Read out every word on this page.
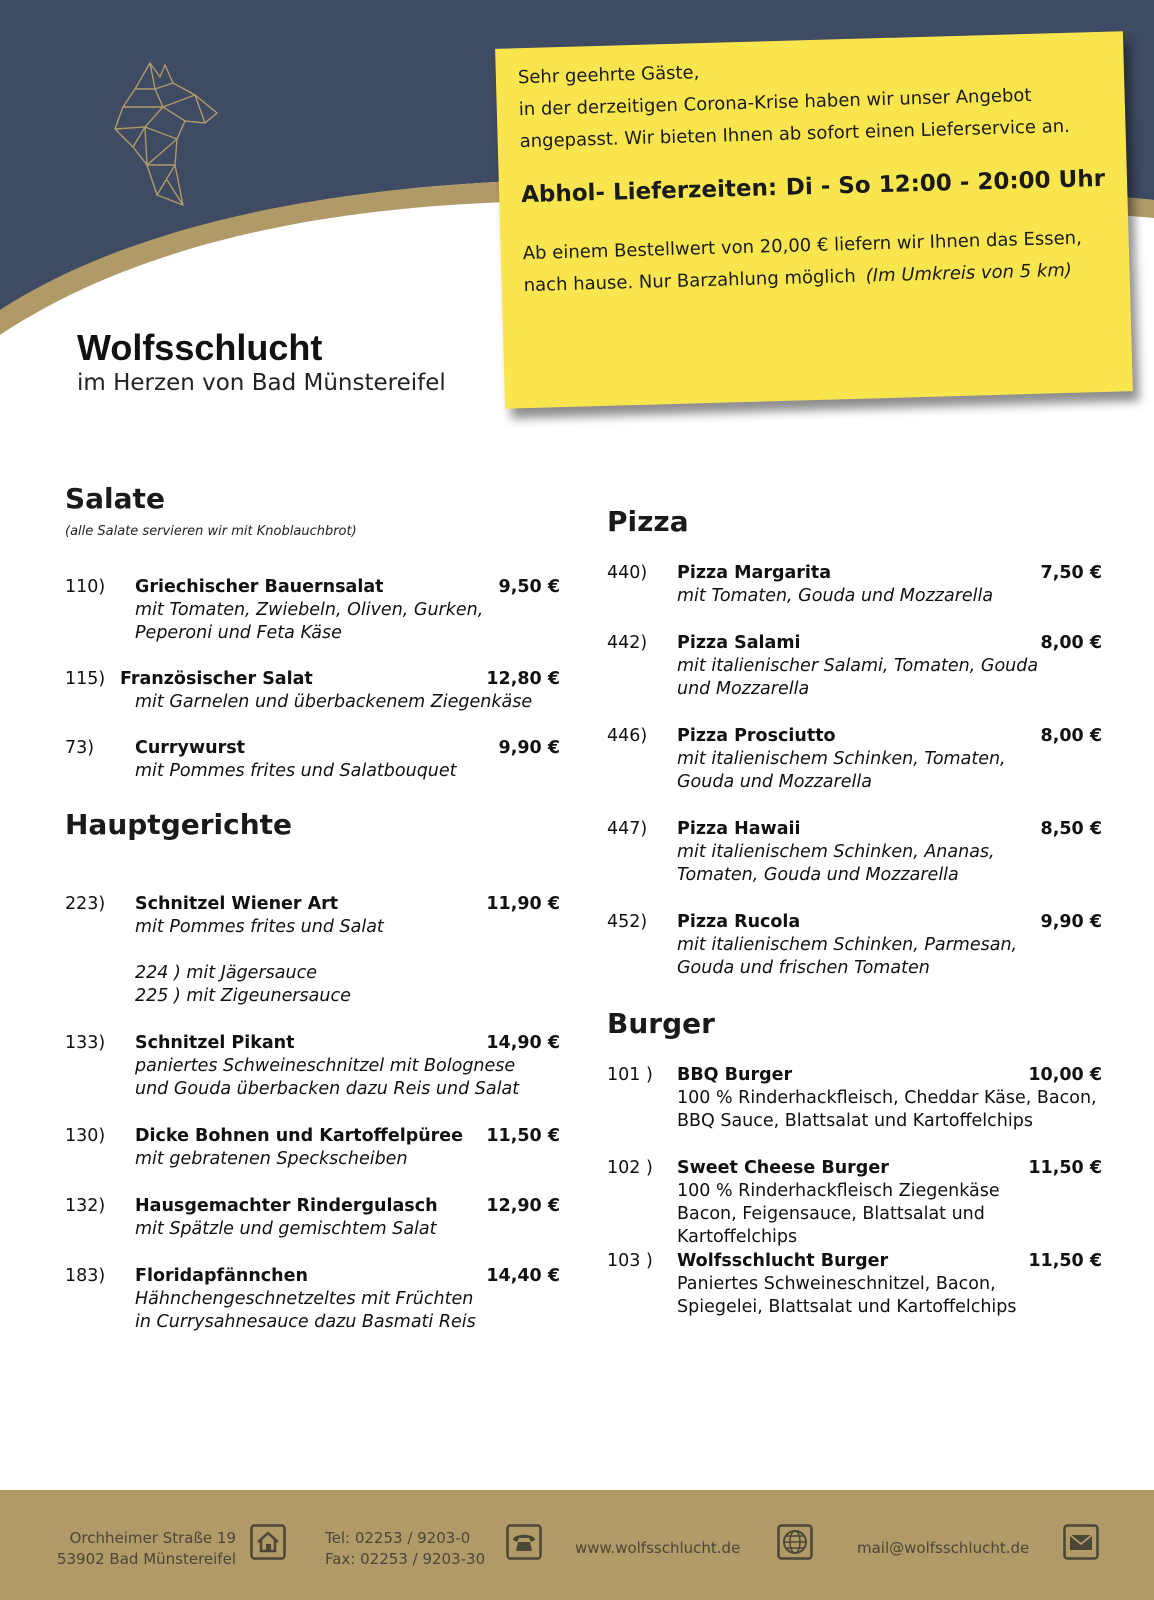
Wolfsschlucht
im Herzen von Bad Münstereifel

Sehr geehrte Gäste,

in der derzeitigen Corona-Krise haben wir unser Angebot

angepasst. Wir bieten Ihnen ab sofort einen Lieferservice an.

Abhol- Lieferzeiten: Di - So 12:00 - 20:00 Uhr

Ab einem Bestellwert von 20,00 € liefern wir Ihnen das Essen,

nach hause. Nur Barzahlung möglich (Im Umkreis von 5 km)

Salate
(alle Salate servieren wir mit Knoblauchbrot)
110) Griechischer Bauernsalat	9,50 €
mit Tomaten, Zwiebeln, Oliven, Gurken,
Peperoni und Feta Käse
115) Französischer Salat	12,80 €
mit Garnelen und überbackenem Ziegenkäse
73) Currywurst	9,90 €
mit Pommes frites und Salatbouquet
Hauptgerichte
223) Schnitzel Wiener Art	11,90 €
mit Pommes frites und Salat

224 ) mit Jägersauce
225 ) mit Zigeunersauce
133) Schnitzel Pikant	14,90 €
paniertes Schweineschnitzel mit Bolognese
und Gouda überbacken dazu Reis und Salat
130) Dicke Bohnen und Kartoffelpüree 11,50 €
mit gebratenen Speckscheiben
132) Hausgemachter Rindergulasch	12,90 €
mit Spätzle und gemischtem Salat
183) Floridapfännchen	14,40 €
Hähnchengeschnetzeltes mit Früchten
in Currysahnesauce dazu Basmati Reis
Pizza
440) Pizza Margarita	7,50 €
mit Tomaten, Gouda und Mozzarella
442) Pizza Salami	8,00 €
mit italienischer Salami, Tomaten, Gouda
und Mozzarella
446) Pizza Prosciutto	8,00 €
mit italienischem Schinken, Tomaten,
Gouda und Mozzarella
447) Pizza Hawaii	8,50 €
mit italienischem Schinken, Ananas,
Tomaten, Gouda und Mozzarella
452) Pizza Rucola	9,90 €
mit italienischem Schinken, Parmesan,
Gouda und frischen Tomaten
Burger
101 ) BBQ Burger	10,00 €
100 % Rinderhackfleisch, Cheddar Käse, Bacon,
BBQ Sauce, Blattsalat und Kartoffelchips
102 ) Sweet Cheese Burger	11,50 €
100 % Rinderhackfleisch Ziegenkäse
Bacon, Feigensauce, Blattsalat und Kartoffelchips
103 ) Wolfsschlucht Burger	11,50 €
Paniertes Schweineschnitzel, Bacon,
Spiegelei, Blattsalat und Kartoffelchips
Orchheimer Straße 19
53902 Bad Münstereifel
Tel: 02253 / 9203-0
Fax: 02253 / 9203-30
www.wolfsschlucht.de	mail@wolfsschlucht.de
